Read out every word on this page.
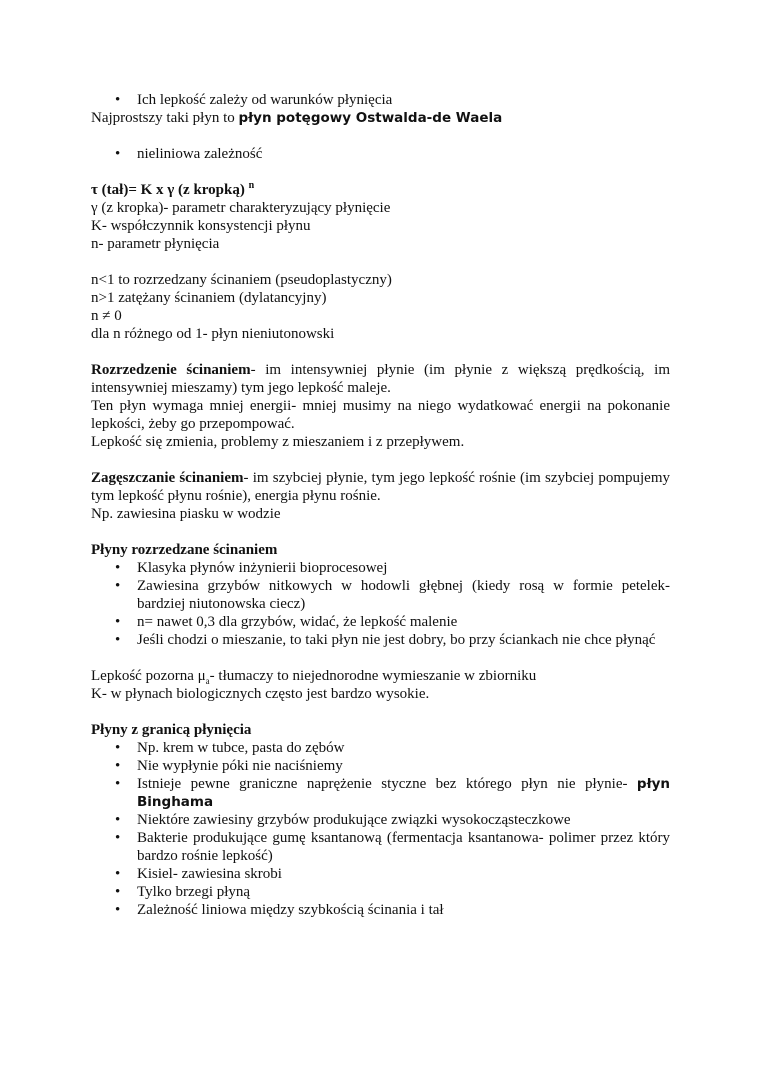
• Ich lepkość zależy od warunków płynięcia

Najprostszy taki płyn to płyn potęgowy Ostwalda-de Waela

• nieliniowa zależność

τ (tał)= K x γ (z kropką) $^n$

γ (z kropka)- parametr charakteryzujący płynięcie

K- współczynnik konsystencji płynu

n- parametr płynięcia

n<1 to rozrzedzany ścinaniem (pseudoplastyczny)

n>1 zatężany ścinaniem (dylatancyjny)

n ≠ 0

dla n różnego od 1- płyn nieniutonowski

Rozrzedzenie ścinaniem- im intensywniej płynie (im płynie z większą prędkością, im intensywniej mieszamy) tym jego lepkość maleje.

Ten płyn wymaga mniej energii- mniej musimy na niego wydatkować energii na pokonanie lepkości, żeby go przepompować.

Lepkość się zmienia, problemy z mieszaniem i z przepływem.

Zagęszczanie ścinaniem- im szybciej płynie, tym jego lepkość rośnie (im szybciej pompujemy tym lepkość płynu rośnie), energia płynu rośnie.

Np. zawiesina piasku w wodzie

Płyny rozrzedzane ścinaniem

• Klasyka płynów inżynierii bioprocesowej
• Zawiesina grzybów nitkowych w hodowli głębnej (kiedy rosą w formie petelek- bardziej niutonowska ciecz)
• n= nawet 0,3 dla grzybów, widać, że lepkość malenie
• Jeśli chodzi o mieszanie, to taki płyn nie jest dobry, bo przy ściankach nie chce płynąć

Lepkość pozorna $\mu_a-$ tłumaczy to niejednorodne wymieszanie w zbiorniku

K- w płynach biologicznych często jest bardzo wysokie.

Płyny z granicą płynięcia

• Np. krem w tubce, pasta do zębów
• Nie wypłynie póki nie naciśniemy
• Istnieje pewne graniczne naprężenie styczne bez którego płyn nie płynie- płyn Binghama
• Niektóre zawiesiny grzybów produkujące związki wysokocząsteczkowe
• Bakterie produkujące gumę ksantanową (fermentacja ksantanowa- polimer przez który bardzo rośnie lepkość)
• Kisiel- zawiesina skrobi
• Tylko brzegi płyną
• Zależność liniowa między szybkością ścinania i tał
